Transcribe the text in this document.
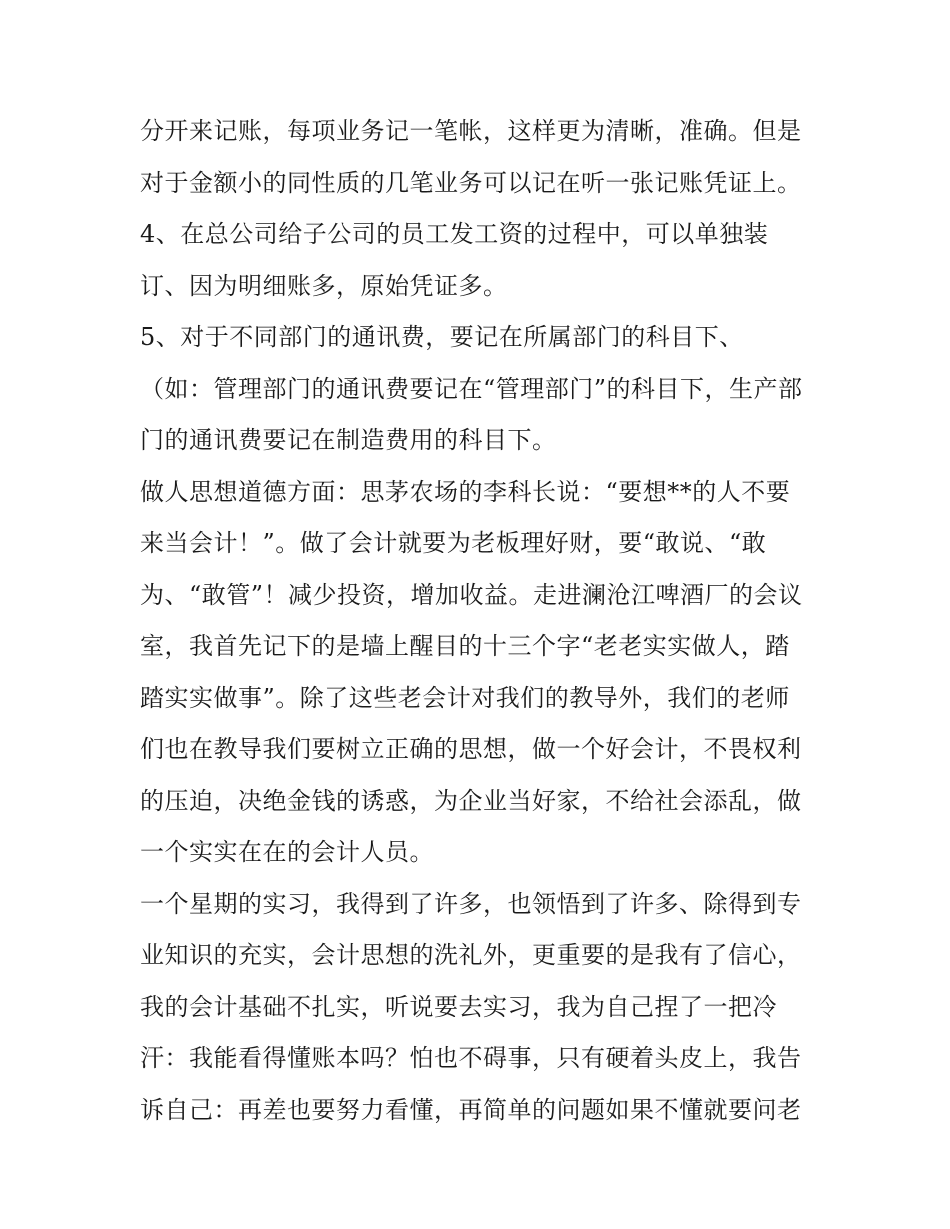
分开来记账，每项业务记一笔帐，这样更为清晰，准确。但是
对于金额小的同性质的几笔业务可以记在听一张记账凭证上。
4、在总公司给子公司的员工发工资的过程中，可以单独装
订、因为明细账多，原始凭证多。
5、对于不同部门的通讯费，要记在所属部门的科目下、
（如：管理部门的通讯费要记在“管理部门”的科目下，生产部
门的通讯费要记在制造费用的科目下。
做人思想道德方面：思茅农场的李科长说：“要想**的人不要
来当会计！”。做了会计就要为老板理好财，要“敢说、“敢
为、“敢管”！减少投资，增加收益。走进澜沧江啤酒厂的会议
室，我首先记下的是墙上醒目的十三个字“老老实实做人，踏
踏实实做事”。除了这些老会计对我们的教导外，我们的老师
们也在教导我们要树立正确的思想，做一个好会计，不畏权利
的压迫，决绝金钱的诱惑，为企业当好家，不给社会添乱，做
一个实实在在的会计人员。
一个星期的实习，我得到了许多，也领悟到了许多、除得到专
业知识的充实，会计思想的洗礼外，更重要的是我有了信心，
我的会计基础不扎实，听说要去实习，我为自己捏了一把冷
汗：我能看得懂账本吗？怕也不碍事，只有硬着头皮上，我告
诉自己：再差也要努力看懂，再简单的问题如果不懂就要问老
